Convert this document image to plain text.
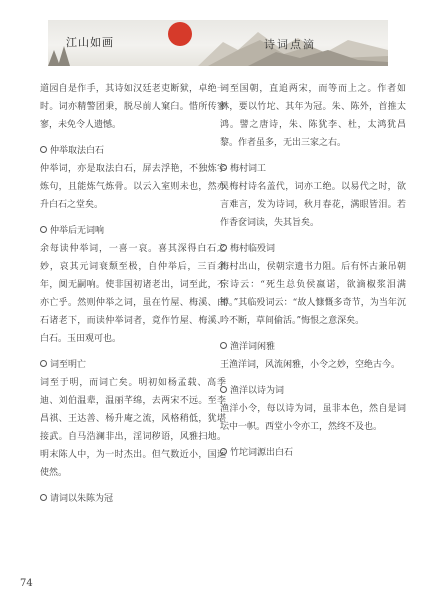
江山如画	诗词点滴

道园自是作手，其诗如汉廷老吏断狱，卓绝一时。词亦精警团秉，脱尽前人窠臼。惜所传寥寥，未免令人遗憾。

仲举取法白石

仲举词，亦是取法白石，屏去浮艳，不独炼字炼句，且能炼气炼骨。以云入室则未也，然亦升白石之堂矣。

仲举后无词响

余每读仲举词，一喜一哀。喜其深得白石之妙，哀其元词衰颓至极，自仲举后，三百余年，阒无嗣响。使非国初诸老出，词至此，不亦亡乎。然则仲举之词，虽在竹屋、梅溪、白石诸老下，而读仲举词者，竟作竹屋、梅溪、白石。玉田观可也。

词至明亡

词至于明，而词亡矣。明初如杨孟载、高季迪、刘伯温辈，温丽芊绵，去两宋不远。至李昌祺、王达善、杨升庵之流，风格稍低，犹堪接武。自马浩澜非出，淫词秽语，风雅扫地。明末陈人中，为一时杰出。但气数近小，国运使然。

请词以朱陈为冠

词至国朝，直追两宋，而等而上之。作者如林，要以竹坨、其年为冠。朱、陈外，首推太鸿。譬之唐诗，朱、陈犹李、杜，太鸿犹昌黎。作者虽多，无出三家之右。

梅村词工

吴梅村诗名盖代，词亦工绝。以易代之时，欲言难言，发为诗词，秋月春花，满眼皆泪。若作香奁词读，失其旨矣。

梅村临殁词

梅村出山，侯朝宗遗书力阻。后有怀古兼吊朝宗诗云：“死生总负侯嬴诺，欲滴椒浆泪满樽。”其临殁词云：“故人慷慨多奇节，为当年沉吟不断，草间偷活。”悔恨之意深矣。

渔洋词闲雅

王渔洋词，风流闲雅，小令之妙，空绝古今。

渔洋以诗为词

渔洋小令，每以诗为词，虽非本色，然自是词坛中一帜。西堂小令亦工，然终不及也。

竹坨词源出白石

74
